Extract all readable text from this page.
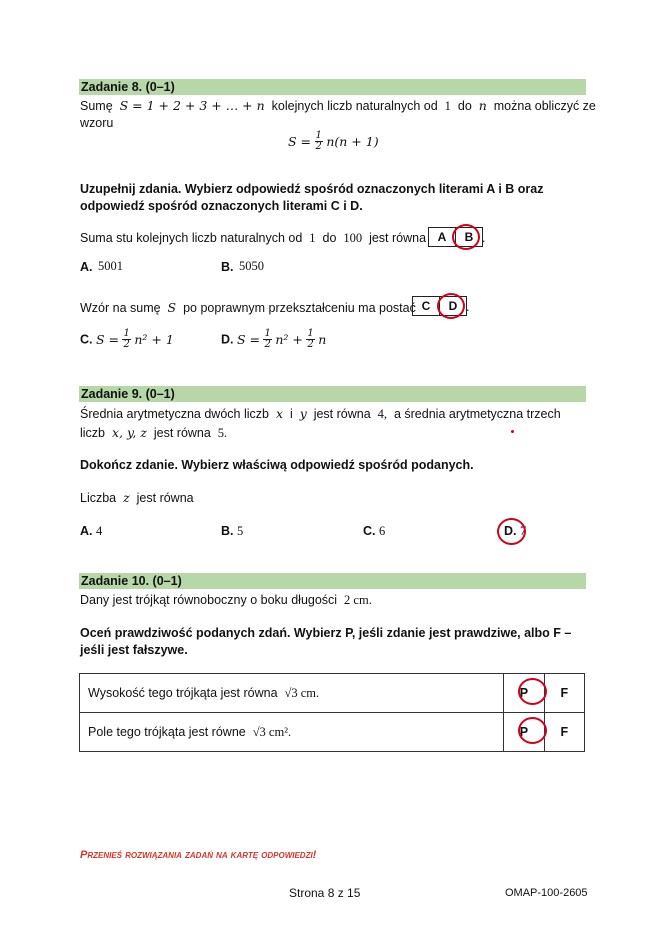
Zadanie 8. (0–1)
Sumę S = 1 + 2 + 3 + … + n kolejnych liczb naturalnych od 1 do n można obliczyć ze
wzoru
$S = \frac{1}{2} n(n + 1)$
Uzupełnij zdania. Wybierz odpowiedź spośród oznaczonych literami A i B oraz odpowiedź spośród oznaczonych literami C i D.
Suma stu kolejnych liczb naturalnych od 1 do 100 jest równa A	B .
A. 5001	B. 5050
Wzór na sumę S po poprawnym przekształceniu ma postać C	D .
C. $S = \frac{1}{2} n^2 + 1$	D. $S = \frac{1}{2} n^2 + \frac{1}{2}$ n
Zadanie 9. (0–1)
Średnia arytmetyczna dwóch liczb x i y jest równa 4, a średnia arytmetyczna trzech
liczb x, y, z jest równa 5.
Dokończ zdanie. Wybierz właściwą odpowiedź spośród podanych.
Liczba z jest równa
A. 4	B. 5	C. 6	D. 7
Zadanie 10. (0–1)
Dany jest trójkąt równoboczny o boku długości 2 cm.
Oceń prawdziwość podanych zdań. Wybierz P, jeśli zdanie jest prawdziwe, albo F – jeśli jest fałszywe.
Wysokość tego trójkąta jest równa √3 cm.	P	F
Pole tego trójkąta jest równe √3 cm².	P	F
Przenieś rozwiązania zadań na kartę odpowiedzi!
Strona 8 z 15	OMAP-100-2605
